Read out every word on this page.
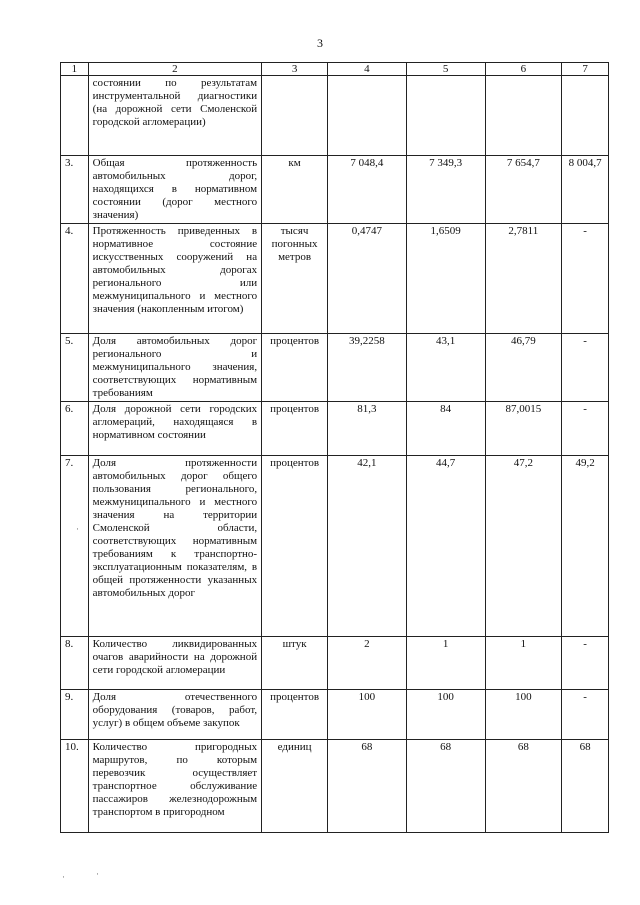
3
1	2	3	4	5	6	7
	состоянии по результатам инструментальной диагностики (на дорожной сети Смоленской городской агломерации)					
3.	Общая протяженность автомобильных дорог, находящихся в нормативном состоянии (дорог местного значения)	км	7 048,4	7 349,3	7 654,7	8 004,7
4.	Протяженность приведенных в нормативное состояние искусственных сооружений на автомобильных дорогах регионального или межмуниципального и местного значения (накопленным итогом)	тысяч погонных метров	0,4747	1,6509	2,7811	-
5.	Доля автомобильных дорог регионального и межмуниципального значения, соответствующих нормативным требованиям	процентов	39,2258	43,1	46,79	-
6.	Доля дорожной сети городских агломераций, находящаяся в нормативном состоянии	процентов	81,3	84	87,0015	-
7.	Доля протяженности автомобильных дорог общего пользования регионального, межмуниципального и местного значения на территории Смоленской области, соответствующих нормативным требованиям к транспортно-эксплуатационным показателям, в общей протяженности указанных автомобильных дорог	процентов	42,1	44,7	47,2	49,2
8.	Количество ликвидированных очагов аварийности на дорожной сети городской агломерации	штук	2	1	1	-
9.	Доля отечественного оборудования (товаров, работ, услуг) в общем объеме закупок	процентов	100	100	100	-
10.	Количество пригородных маршрутов, по которым перевозчик осуществляет транспортное обслуживание пассажиров железнодорожным транспортом в пригородном	единиц	68	68	68	68
·
·	·
